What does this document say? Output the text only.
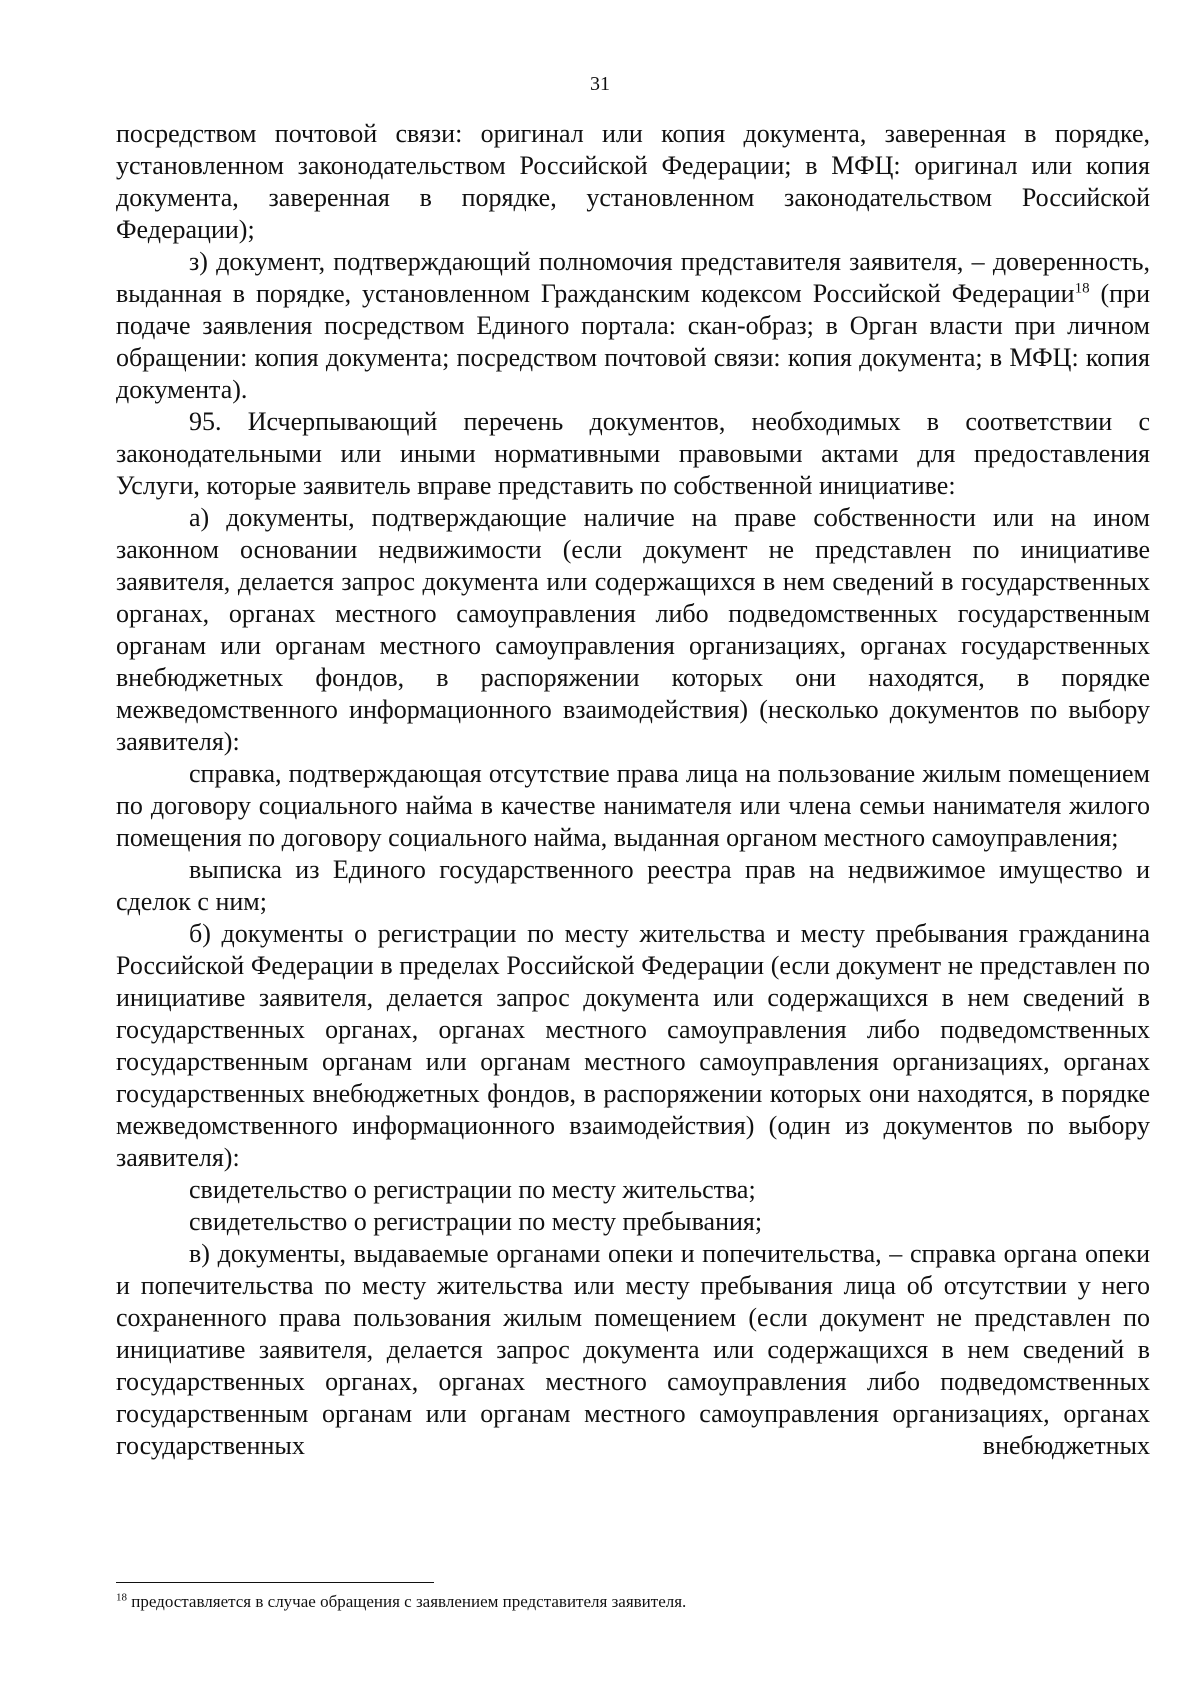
31

посредством почтовой связи: оригинал или копия документа, заверенная в порядке, установленном законодательством Российской Федерации; в МФЦ: оригинал или копия документа, заверенная в порядке, установленном законодательством Российской Федерации);

з) документ, подтверждающий полномочия представителя заявителя, – доверенность, выданная в порядке, установленном Гражданским кодексом Российской Федерации$^{18}$ (при подаче заявления посредством Единого портала: скан-образ; в Орган власти при личном обращении: копия документа; посредством почтовой связи: копия документа; в МФЦ: копия документа).

95. Исчерпывающий перечень документов, необходимых в соответствии с законодательными или иными нормативными правовыми актами для предоставления Услуги, которые заявитель вправе представить по собственной инициативе:

а) документы, подтверждающие наличие на праве собственности или на ином законном основании недвижимости (если документ не представлен по инициативе заявителя, делается запрос документа или содержащихся в нем сведений в государственных органах, органах местного самоуправления либо подведомственных государственным органам или органам местного самоуправления организациях, органах государственных внебюджетных фондов, в распоряжении которых они находятся, в порядке межведомственного информационного взаимодействия) (несколько документов по выбору заявителя):

справка, подтверждающая отсутствие права лица на пользование жилым помещением по договору социального найма в качестве нанимателя или члена семьи нанимателя жилого помещения по договору социального найма, выданная органом местного самоуправления;

выписка из Единого государственного реестра прав на недвижимое имущество и сделок с ним;

б) документы о регистрации по месту жительства и месту пребывания гражданина Российской Федерации в пределах Российской Федерации (если документ не представлен по инициативе заявителя, делается запрос документа или содержащихся в нем сведений в государственных органах, органах местного самоуправления либо подведомственных государственным органам или органам местного самоуправления организациях, органах государственных внебюджетных фондов, в распоряжении которых они находятся, в порядке межведомственного информационного взаимодействия) (один из документов по выбору заявителя):

свидетельство о регистрации по месту жительства;

свидетельство о регистрации по месту пребывания;

в) документы, выдаваемые органами опеки и попечительства, – справка органа опеки и попечительства по месту жительства или месту пребывания лица об отсутствии у него сохраненного права пользования жилым помещением (если документ не представлен по инициативе заявителя, делается запрос документа или содержащихся в нем сведений в государственных органах, органах местного самоуправления либо подведомственных государственным органам или органам местного самоуправления организациях, органах государственных внебюджетных

$^{18}$ предоставляется в случае обращения с заявлением представителя заявителя.
